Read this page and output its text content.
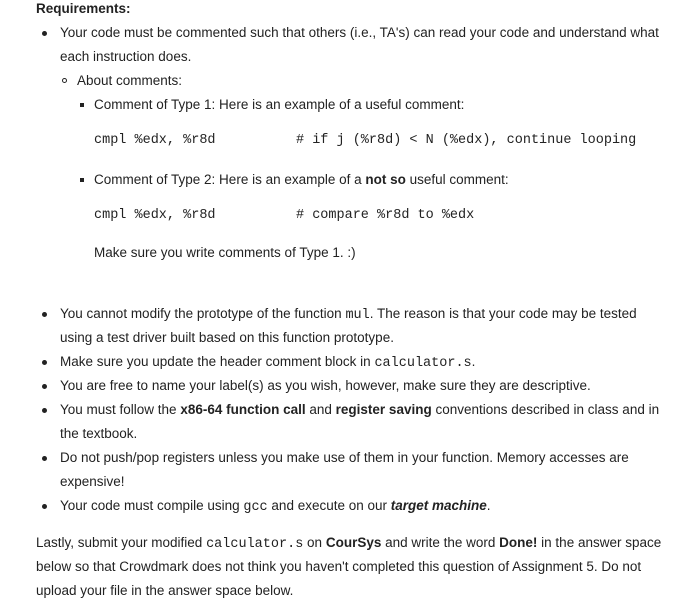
Requirements:
Your code must be commented such that others (i.e., TA's) can read your code and understand what
each instruction does.
About comments:
Comment of Type 1: Here is an example of a useful comment:
cmpl %edx, %r8d	# if j (%r8d) < N (%edx), continue looping
Comment of Type 2: Here is an example of a not so useful comment:
cmpl %edx, %r8d	# compare %r8d to %edx
Make sure you write comments of Type 1. :)
You cannot modify the prototype of the function mul. The reason is that your code may be tested
using a test driver built based on this function prototype.
Make sure you update the header comment block in calculator.s.
You are free to name your label(s) as you wish, however, make sure they are descriptive.
You must follow the x86-64 function call and register saving conventions described in class and in
the textbook.
Do not push/pop registers unless you make use of them in your function. Memory accesses are
expensive!
Your code must compile using gcc and execute on our target machine.
Lastly, submit your modified calculator.s on CourSys and write the word Done! in the answer space
below so that Crowdmark does not think you haven't completed this question of Assignment 5. Do not
upload your file in the answer space below.
